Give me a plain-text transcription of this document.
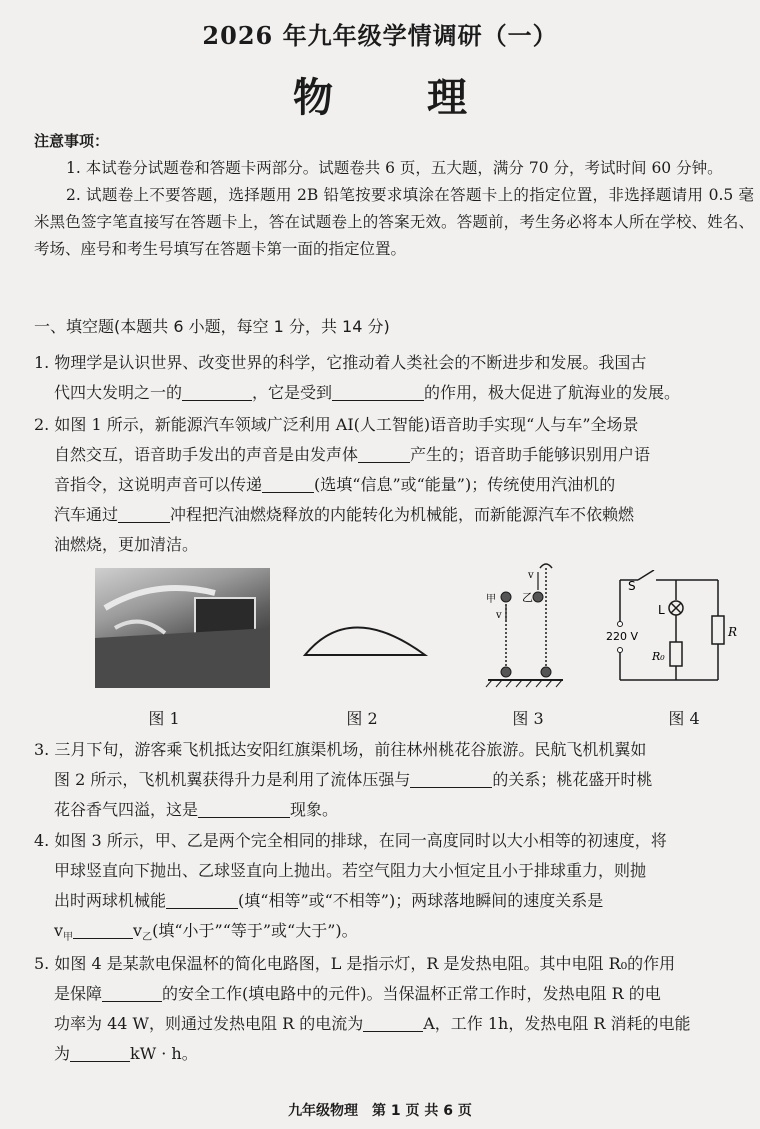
2026 年九年级学情调研（一）
物 理
注意事项：

1. 本试卷分试题卷和答题卡两部分。试题卷共 6 页，五大题，满分 70 分，考试时间 60 分钟。

2. 试题卷上不要答题，选择题用 2B 铅笔按要求填涂在答题卡上的指定位置，非选择题请用 0.5 毫米黑色签字笔直接写在答题卡上，答在试题卷上的答案无效。答题前，考生务必将本人所在学校、姓名、考场、座号和考生号填写在答题卡第一面的指定位置。

一、填空题(本题共 6 小题，每空 1 分，共 14 分)
1. 物理学是认识世界、改变世界的科学，它推动着人类社会的不断进步和发展。我国古
代四大发明之一的	，它是受到	的作用，极大促进了航海业的发展。
2. 如图 1 所示，新能源汽车领域广泛利用 AI(人工智能)语音助手实现“人与车”全场景
自然交互，语音助手发出的声音是由发声体	产生的；语音助手能够识别用户语
音指令，这说明声音可以传递	(选填“信息”或“能量”)；传统使用汽油机的
汽车通过	冲程把汽油燃烧释放的内能转化为机械能，而新能源汽车不依赖燃
油燃烧，更加清洁。
甲 乙
v
v
S
L
220 V	R
R₀
图 1	图 2	图 3	图 4
3. 三月下旬，游客乘飞机抵达安阳红旗渠机场，前往林州桃花谷旅游。民航飞机机翼如
图 2 所示，飞机机翼获得升力是利用了流体压强与	的关系；桃花盛开时桃
花谷香气四溢，这是	现象。
4. 如图 3 所示，甲、乙是两个完全相同的排球，在同一高度同时以大小相等的初速度，将
甲球竖直向下抛出、乙球竖直向上抛出。若空气阻力大小恒定且小于排球重力，则抛
出时两球机械能	(填“相等”或“不相等”)；两球落地瞬间的速度关系是
$v_甲$	$v_乙$(填“小于”“等于”或“大于”)。
5. 如图 4 是某款电保温杯的简化电路图，L 是指示灯，R 是发热电阻。其中电阻 R₀的作用
是保障	的安全工作(填电路中的元件)。当保温杯正常工作时，发热电阻 R 的电
功率为 44 W，则通过发热电阻 R 的电流为	A，工作 1h，发热电阻 R 消耗的电能
为	kW · h。
九年级物理　第 1 页 共 6 页
